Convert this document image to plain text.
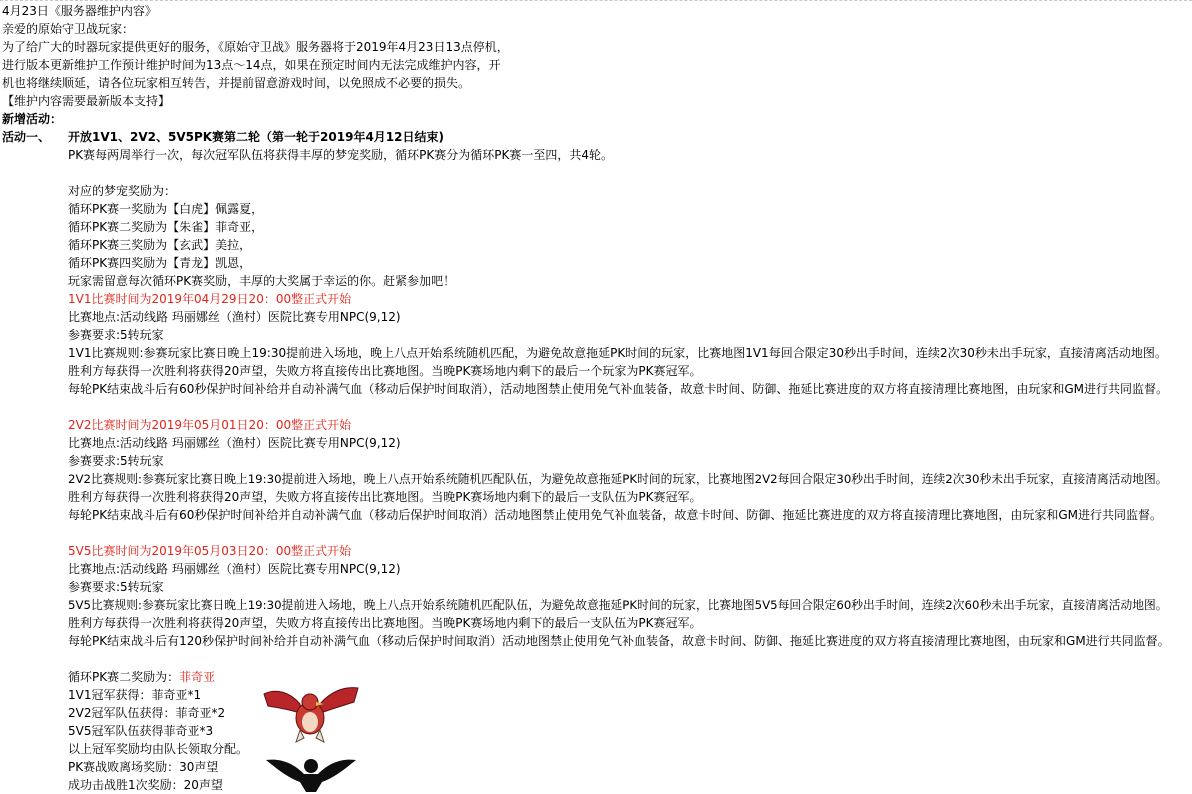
4月23日《服务器维护内容》
亲爱的原始守卫战玩家：
为了给广大的时器玩家提供更好的服务，《原始守卫战》服务器将于2019年4月23日13点停机，
进行版本更新维护工作预计维护时间为13点～14点，如果在预定时间内无法完成维护内容，开
机也将继续顺延，请各位玩家相互转告，并提前留意游戏时间，以免照成不必要的损失。
【维护内容需要最新版本支持】
新增活动：
活动一、 开放1V1、2V2、5V5PK赛第二轮（第一轮于2019年4月12日结束)
PK赛每两周举行一次，每次冠军队伍将获得丰厚的梦宠奖励，循环PK赛分为循环PK赛一至四，共4轮。
对应的梦宠奖励为：
循环PK赛一奖励为【白虎】佩露夏，
循环PK赛二奖励为【朱雀】菲奇亚，
循环PK赛三奖励为【玄武】美拉，
循环PK赛四奖励为【青龙】凯恩，
玩家需留意每次循环PK赛奖励，丰厚的大奖属于幸运的你。赶紧参加吧！
1V1比赛时间为2019年04月29日20：00整正式开始
比赛地点:活动线路 玛丽娜丝（渔村）医院比赛专用NPC(9,12)
参赛要求:5转玩家
1V1比赛规则:参赛玩家比赛日晚上19:30提前进入场地，晚上八点开始系统随机匹配，为避免故意拖延PK时间的玩家，比赛地图1V1每回合限定30秒出手时间，连续2次30秒未出手玩家，直接清离活动地图。
胜利方每获得一次胜利将获得20声望，失败方将直接传出比赛地图。当晚PK赛场地内剩下的最后一个玩家为PK赛冠军。
每轮PK结束战斗后有60秒保护时间补给并自动补满气血（移动后保护时间取消），活动地图禁止使用免气补血装备，故意卡时间、防御、拖延比赛进度的双方将直接清理比赛地图，由玩家和GM进行共同监督。
2V2比赛时间为2019年05月01日20：00整正式开始
比赛地点:活动线路 玛丽娜丝（渔村）医院比赛专用NPC(9,12)
参赛要求:5转玩家
2V2比赛规则:参赛玩家比赛日晚上19:30提前进入场地，晚上八点开始系统随机匹配队伍，为避免故意拖延PK时间的玩家，比赛地图2V2每回合限定30秒出手时间，连续2次30秒未出手玩家，直接清离活动地图。
胜利方每获得一次胜利将获得20声望，失败方将直接传出比赛地图。当晚PK赛场地内剩下的最后一支队伍为PK赛冠军。
每轮PK结束战斗后有60秒保护时间补给并自动补满气血（移动后保护时间取消）活动地图禁止使用免气补血装备，故意卡时间、防御、拖延比赛进度的双方将直接清理比赛地图，由玩家和GM进行共同监督。
5V5比赛时间为2019年05月03日20：00整正式开始
比赛地点:活动线路 玛丽娜丝（渔村）医院比赛专用NPC(9,12)
参赛要求:5转玩家
5V5比赛规则:参赛玩家比赛日晚上19:30提前进入场地，晚上八点开始系统随机匹配队伍，为避免故意拖延PK时间的玩家，比赛地图5V5每回合限定60秒出手时间，连续2次60秒未出手玩家，直接清离活动地图。
胜利方每获得一次胜利将获得20声望，失败方将直接传出比赛地图。当晚PK赛场地内剩下的最后一支队伍为PK赛冠军。
每轮PK结束战斗后有120秒保护时间补给并自动补满气血（移动后保护时间取消）活动地图禁止使用免气补血装备，故意卡时间、防御、拖延比赛进度的双方将直接清理比赛地图，由玩家和GM进行共同监督。
循环PK赛二奖励为：菲奇亚
1V1冠军获得：菲奇亚*1
2V2冠军队伍获得：菲奇亚*2
5V5冠军队伍获得菲奇亚*3
以上冠军奖励均由队长领取分配。
PK赛战败离场奖励：30声望
成功击战胜1次奖励：20声望
